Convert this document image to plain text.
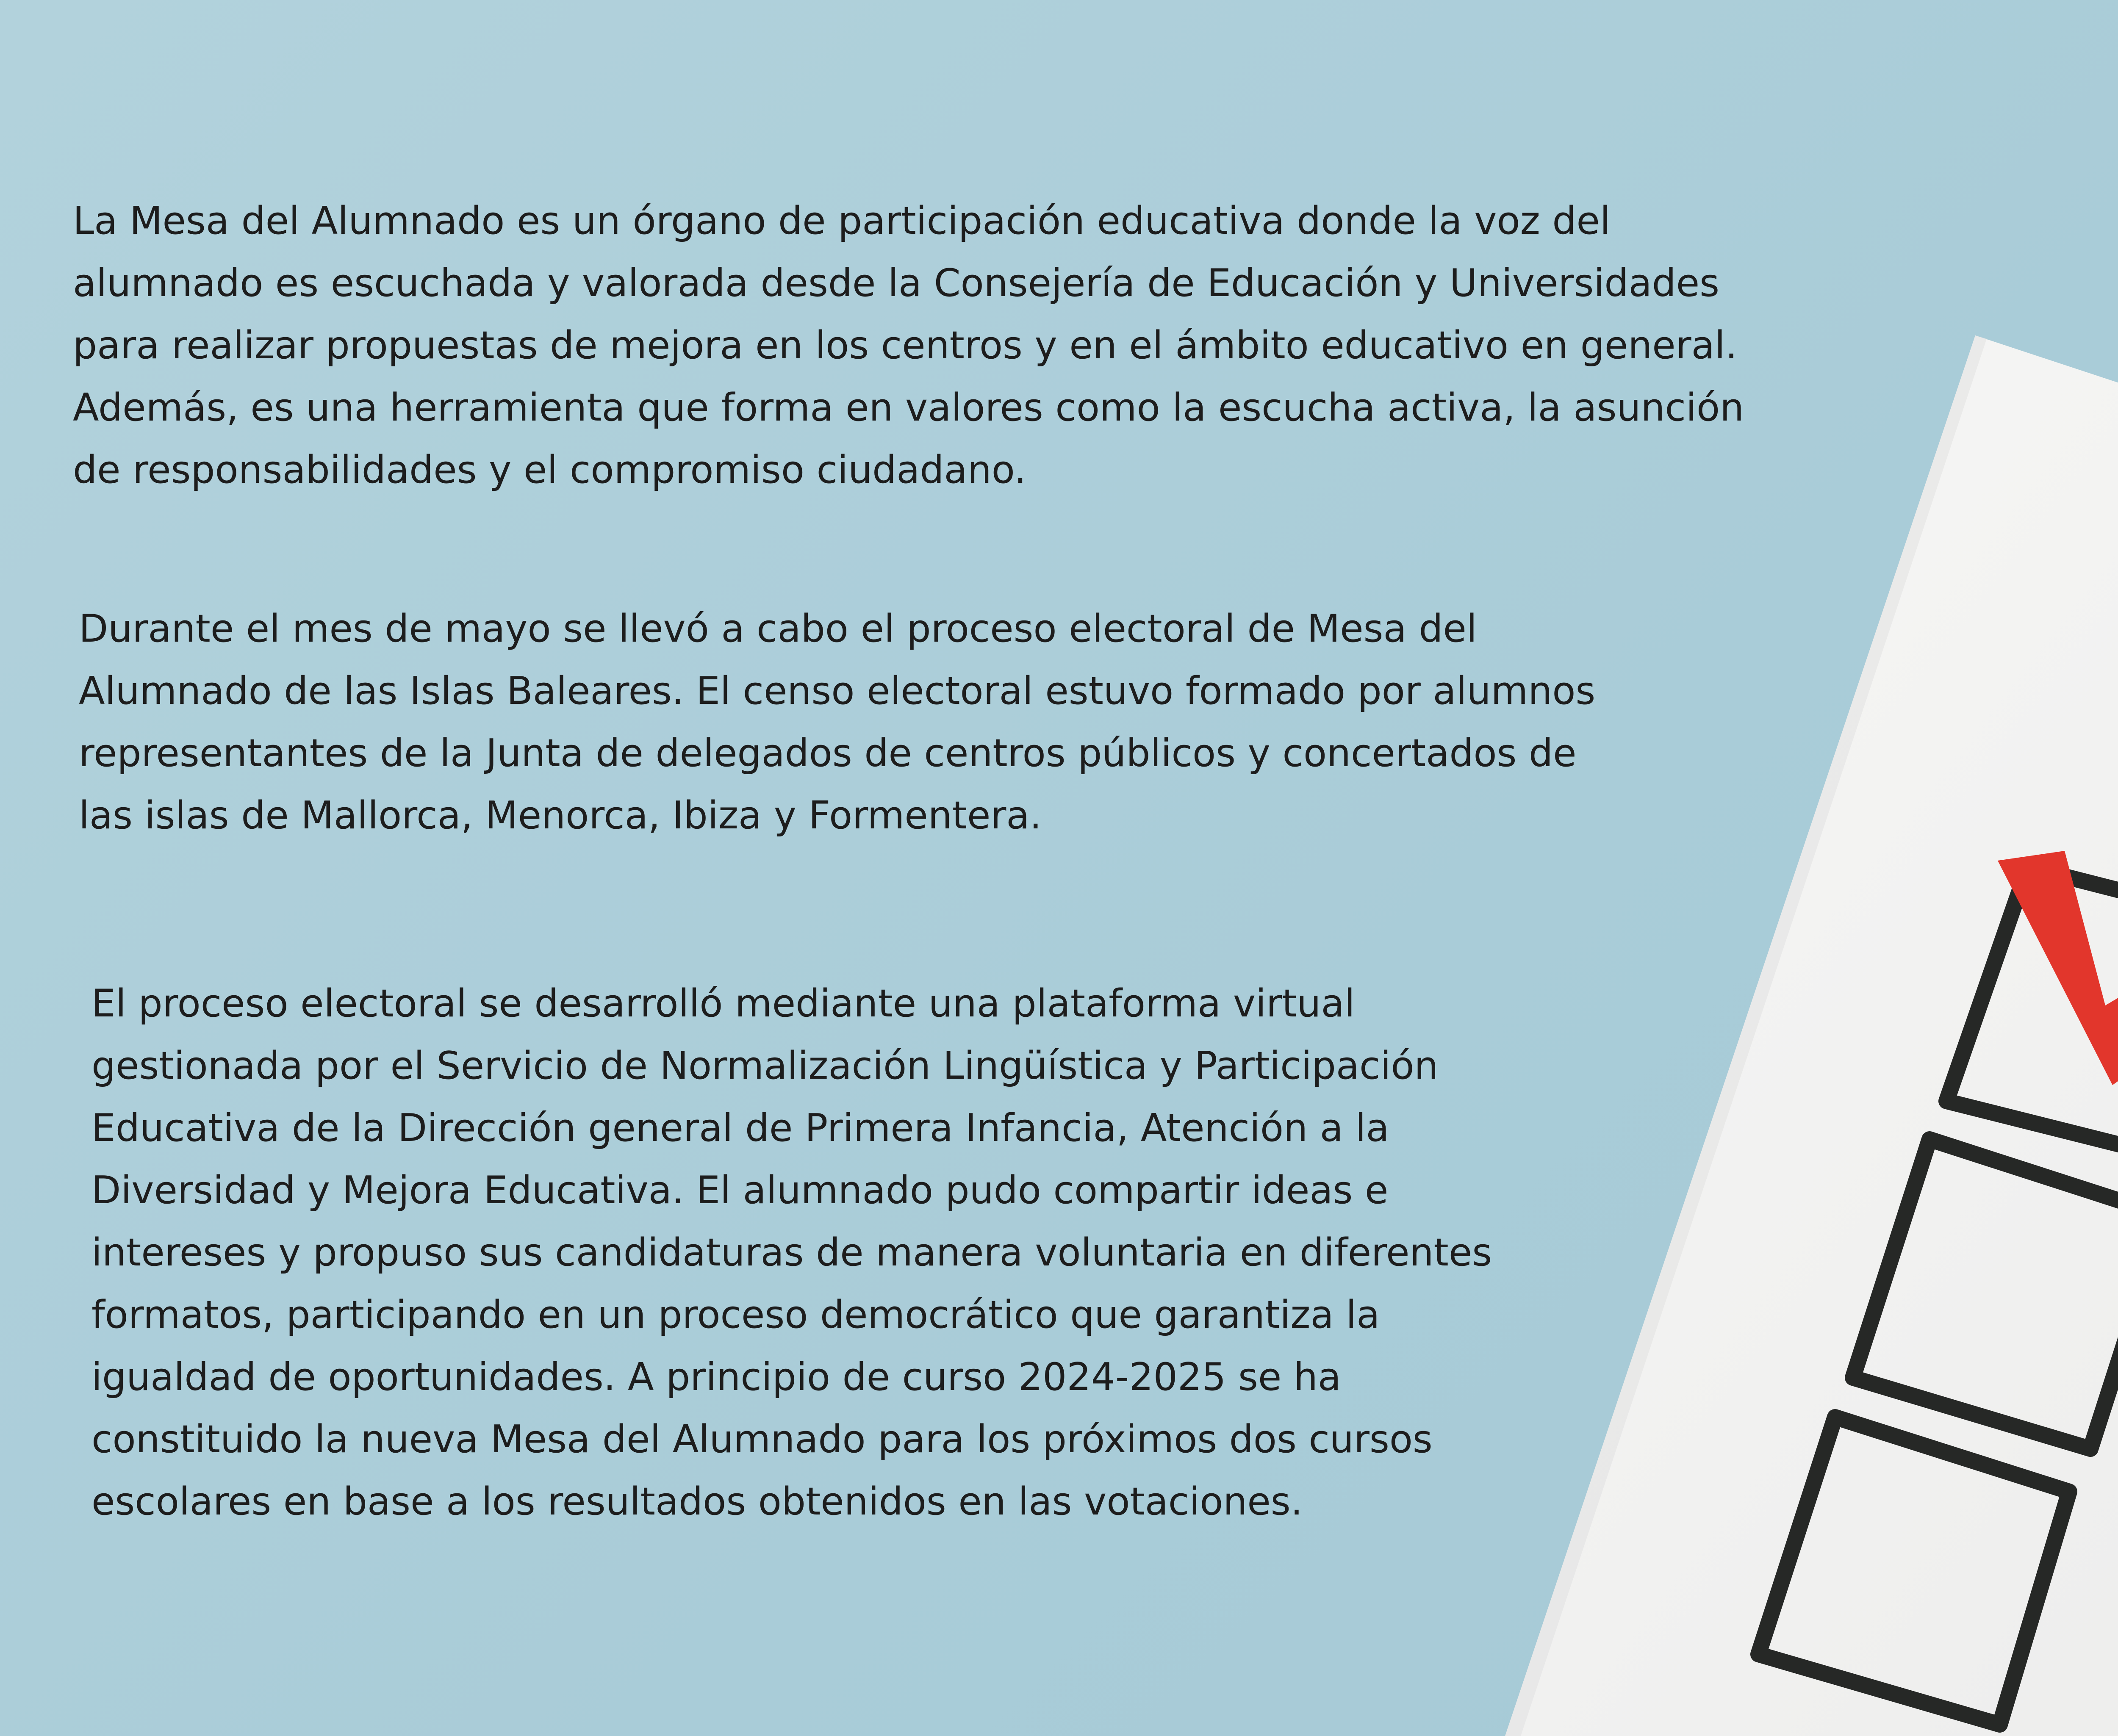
La Mesa del Alumnado es un órgano de participación educativa donde la voz del
alumnado es escuchada y valorada desde la Consejería de Educación y Universidades
para realizar propuestas de mejora en los centros y en el ámbito educativo en general.
Además, es una herramienta que forma en valores como la escucha activa, la asunción
de responsabilidades y el compromiso ciudadano.

Durante el mes de mayo se llevó a cabo el proceso electoral de Mesa del
Alumnado de las Islas Baleares. El censo electoral estuvo formado por alumnos
representantes de la Junta de delegados de centros públicos y concertados de
las islas de Mallorca, Menorca, Ibiza y Formentera.

El proceso electoral se desarrolló mediante una plataforma virtual
gestionada por el Servicio de Normalización Lingüística y Participación
Educativa de la Dirección general de Primera Infancia, Atención a la
Diversidad y Mejora Educativa. El alumnado pudo compartir ideas e
intereses y propuso sus candidaturas de manera voluntaria en diferentes
formatos, participando en un proceso democrático que garantiza la
igualdad de oportunidades. A principio de curso 2024-2025 se ha
constituido la nueva Mesa del Alumnado para los próximos dos cursos
escolares en base a los resultados obtenidos en las votaciones.
